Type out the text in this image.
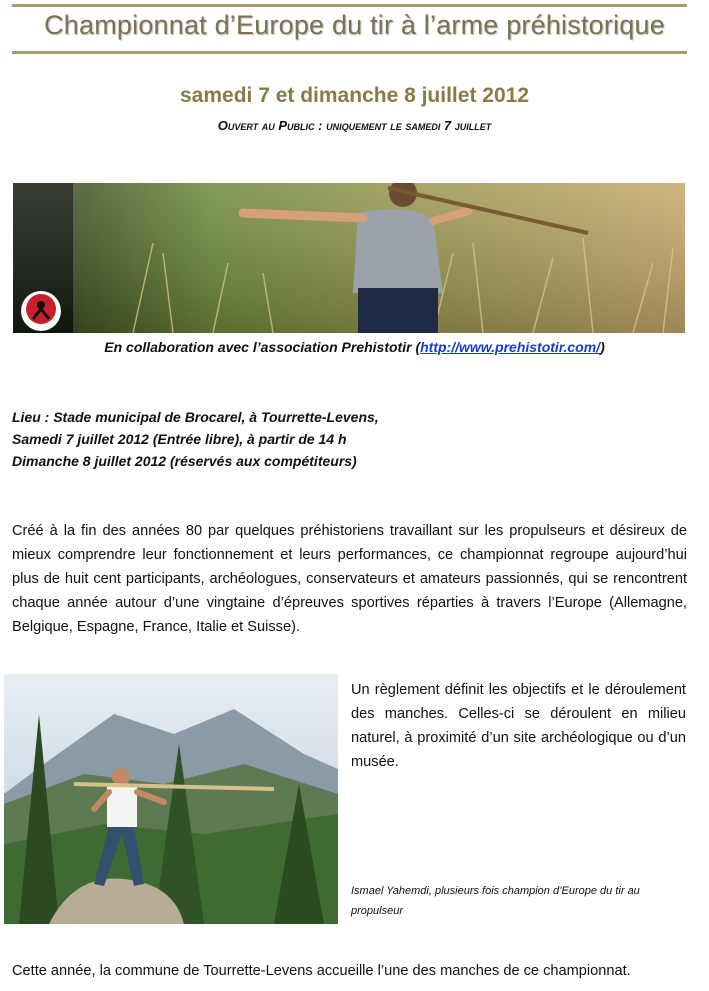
Championnat d’Europe du tir à l’arme préhistorique
samedi 7 et dimanche 8 juillet 2012
Ouvert au Public : uniquement le samedi 7 juillet
En collaboration avec l’association Prehistotir (http://www.prehistotir.com/)
Lieu : Stade municipal de Brocarel, à Tourrette-Levens,
Samedi 7 juillet 2012 (Entrée libre), à partir de 14 h
Dimanche 8 juillet 2012 (réservés aux compétiteurs)
Créé à la fin des années 80 par quelques préhistoriens travaillant sur les propulseurs et désireux de mieux comprendre leur fonctionnement et leurs performances, ce championnat regroupe aujourd’hui plus de huit cent participants, archéologues, conservateurs et amateurs passionnés, qui se rencontrent chaque année autour d’une vingtaine d’épreuves sportives réparties à travers l’Europe (Allemagne, Belgique, Espagne, France, Italie et Suisse).
Un règlement définit les objectifs et le déroulement des manches. Celles-ci se déroulent en milieu naturel, à proximité d’un site archéologique ou d’un musée.
Ismael Yahemdi, plusieurs fois champion d’Europe du tir au propulseur
Cette année, la commune de Tourrette-Levens accueille l’une des manches de ce championnat.
